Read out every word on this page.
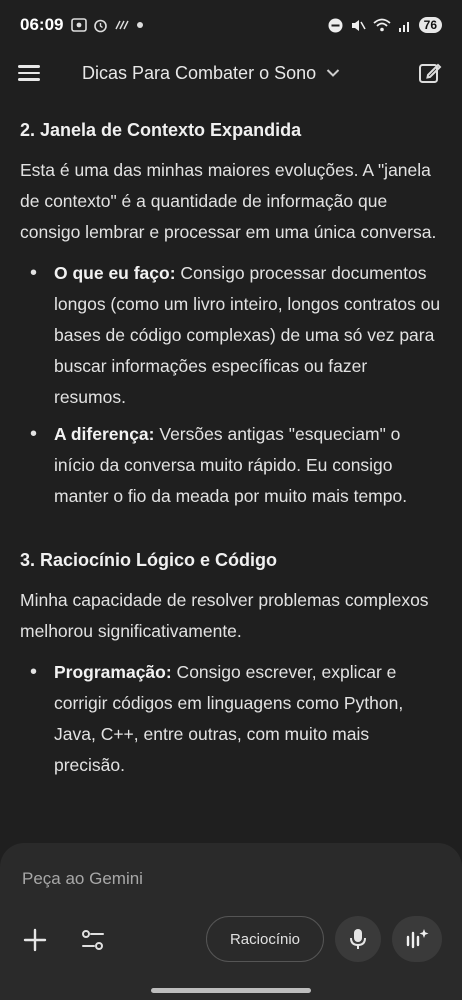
06:09	76
Dicas Para Combater o Sono
2. Janela de Contexto Expandida

Esta é uma das minhas maiores evoluções. A "janela de contexto" é a quantidade de informação que consigo lembrar e processar em uma única conversa.

• O que eu faço: Consigo processar documentos longos (como um livro inteiro, longos contratos ou bases de código complexas) de uma só vez para buscar informações específicas ou fazer resumos.
• A diferença: Versões antigas "esqueciam" o início da conversa muito rápido. Eu consigo manter o fio da meada por muito mais tempo.
3. Raciocínio Lógico e Código

Minha capacidade de resolver problemas complexos melhorou significativamente.

• Programação: Consigo escrever, explicar e corrigir códigos em linguagens como Python, Java, C++, entre outras, com muito mais precisão.
Peça ao Gemini
Raciocínio
